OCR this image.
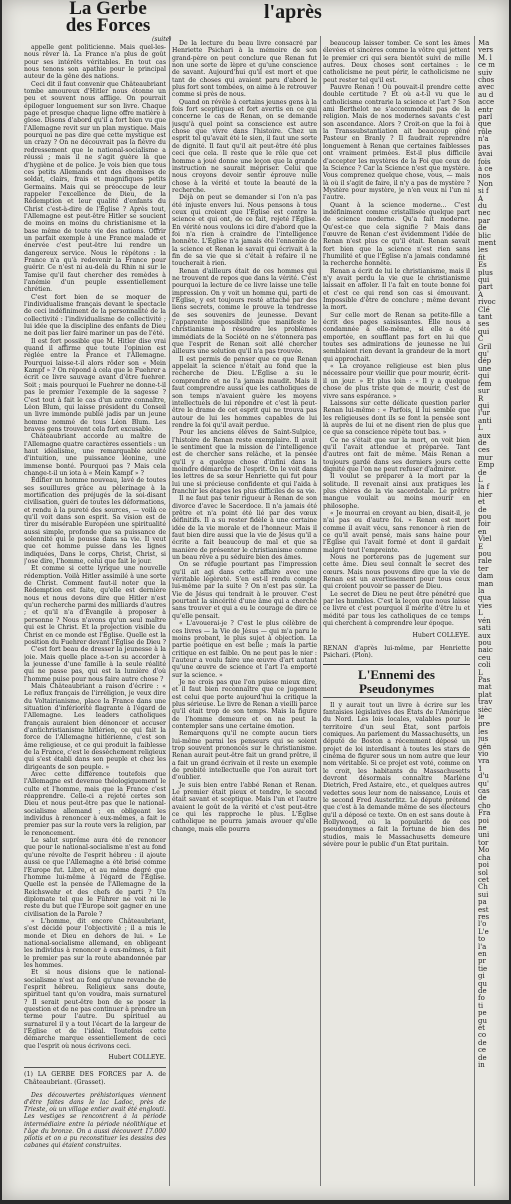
La Gerbe
des Forces
(suite)
l'après

appelle gent politicienne. Mais quel-les-nous rêver là. La France n'a plus de goût pour ses intérêts véritables. En tout cas nous tenons son apathie pour le principal auteur de la gêne des nations.

Ceci dit il faut convenir que Châteaubriant tombe amoureux d'Hitler nous étonne un peu et souvent nous afflige. On pourrait épiloguer longuement sur son livre. Chaque page et presque chaque ligne offre matière à glose. Disons d'abord qu'il a fort bien vu que l'Allemagne revit sur un plan mystique. Mais pourquoi ne pas dire que cette mystique est un crazy ? On ne découvrait pas la fièvre du redressement que le national-socialisme a réussi ; mais il ne s'agit guère là que d'hygiène et de police. Je vois bien que tous ces petits Allemands ont des chemises de soldat, clairs, frais et magnifiques petits Germains. Mais qui se préoccupe de leur rappeler l'excellence de Dieu, de la Rédemption et leur qualité d'enfants du Christ c'est-à-dire de l'Église ? Après tout, l'Allemagne est peut-être Hitler se soucient de moins en moins du christianisme et la base même de toute vie des nations. Offrir un parfait exemple à une France malade et énervée c'est peut-être lui rendre un dangereux service. Nous le répétons : la France n'a qu'à redevenir la France pour guérir. Ce n'est ni au-delà du Rhin ni sur le Tamise qu'il faut chercher des remèdes à l'anémie d'un peuple essentiellement chrétien.

C'est fort bien de se moquer de l'individualisme français devant le spectacle de ceci indéfiniment de la personnalité de la collectivité : l'individualisme de collectivité ; lui idée que la discipline des enfants de Dieu ne doit pas lier faire mariner un pas de l'été.

Il est fort possible que M. Hitler dise vrai quand il affirme que toute l'opinion est réglée entre la France et l'Allemagne. Pourquoi laisse-t-il alors rôder son « Mein Kampf » ? On répond à cela que le Fuehrer a écrit ce livre sauvage avant d'être fuehrer. Soit ; mais pourquoi le Fuehrer ne donne-t-il pas le premier l'exemple de la sagesse ? C'est tout à fait le cas d'un autre connaître, Léon Blum, qui laisse président du Conseil un livre immonde publié jadis par un jeune homme nommé de tous Léon Blum. Les braves gens trouvent cela fort excusable.

Châteaubriant accorde au maître de l'Allemagne quatre caractères essentiels : un haut idéalisme, une remarquable acuité d'intuition, une puissance léonine, une immense bonté. Pourquoi pas ? Mais cela change-t-il un iota à « Mein Kampf » ?

Édifier un homme nouveau, lavé de toutes ses souillures grâce au pèlerinage à la mortification des préjugés de la soi-disant civilisation, guéri de toutes les déformations, et rendu à la pureté des sources, — voilà ce qu'il voit dans son esprit. Sa vision est de tirer du misérable Européen une spiritualité aussi simple, profonde que sa puissance de solennité qui le pousse dans sa vie. Il veut que cet homme puisse dans les lignes indiquées, Dans le corps, Christ, Christ, si j'ose dire, l'homme, celui que fait le jour.

Et comme si cette lyrique une nouvelle rédemption. Voilà Hitler assimilé à une sorte de Christ. Comment faut-il noter que la Rédemption est faite, qu'elle est dernière nous et nous devons dire que Hitler n'est qu'un recherche parmi des milliards d'autres ; et qu'il n'a d'Évangile à proposer à personne ? Nous n'avons qu'un seul maître qui est le Christ. Et la projection visible du Christ en ce monde est l'Église. Quelle est la position du Fuehrer devant l'Église de Dieu ?

C'est fort beau de dresser la jeunesse à la joie. Mais quelle place a-t-on su accorder à la jeunesse d'une famille à la seule réalité qui ne passe pas, qui est la lumière d'où l'homme puise pour nous faire autre chose ?

Mais Châteaubriant a raison d'écrire : « Le reflux français de l'irréligion, je veux dire du Voltairianisme, place la France dans une situation d'infériorité flagrante à l'égard de l'Allemagne. Les leaders catholiques français auraient bien dénoncer et accuser d'antichristianisme hitlérien, ce qui fait la force de l'Allemagne hitlérienne, c'est son âme religieuse, et ce qui produit la faiblesse de la France, c'est le desséchement religieux qui s'est établi dans son peuple et chez les dirigeants de son peuple. »

Avec cette différence toutefois que l'Allemagne est devenue théologiquement le culte et l'homme, mais que la France c'est réapprendre. Celle-ci a rejeté certes son Dieu et nous peut-être pas que le national-socialisme allemand ; en obligeant les individus à renoncer à eux-mêmes, a fait le premier pas sur la route vers la religion, par le renoncement.

Le salut suprême aura été de renoncer que pour le national-socialisme n'est au fond qu'une révolte de l'esprit hébreu : il ajoute aussi ce que l'Allemagne a été brisé comme l'Europe fut. Libre, et au même degré que l'homme lui-même à l'égard de l'Église. Quelle est la pensée de l'Allemagne de la Reichswehr et des chefs de parti ? Un diplomate tel que le Führer ne voit ni le reste du but que l'Europe soit gagner en une civilisation de la Parole ?

« L'homme, dit encore Châteaubriant, s'est décidé pour l'objectivité ; il a mis le monde et Dieu en dehors de lui. » Le national-socialisme allemand, en obligeant les individus à renoncer à eux-mêmes, a fait le premier pas sur la route abandonnée par les hommes.

Et si nous disions que le national-socialisme n'est au fond qu'une revanche de l'esprit hébreu. Religieux sans doute, spirituel tant qu'on voudra, mais surnaturel ? Il serait peut-être bon de se poser la question et de ne pas continuer à prendre un terme pour l'autre. Du spirituel au surnaturel il y a tout l'écart de la largeur de l'Église et de l'idéal. Toutefois cette démarche marque essentiellement de ceci que l'esprit où nous écrivons ceci.

Hubert COLLEYE.

(1) LA GERBE DES FORCES par A. de Châteaubriant. (Grasset).

Des découvertes préhistoriques viennent d'être faites dans le lac Ladoc, près de Trieste, où un village entier avait été englouti. Les vestiges se rencontrent à la période intermédiaire entre la période néolithique et l'âge du bronze. On a aussi découvert 17.000 pilotis et on a pu reconstituer les dessins des cabanes qui étaient construites.

De la lecture du beau livre consacré par Henriette Psichari à la mémoire de son grand-père on peut conclure que Renan fut non une sorte de lèpre et qu'une conscience de savant. Aujourd'hui qu'il est mort et que tant de choses qui avaient paru d'abord le plus fort sont tombées, on aime à le retrouver comme si près de nous.

Quand on révèle à certains jeunes gens à la fois fort sceptiques et fort avertis en ce qui concerne le cas de Renan, on se demande jusqu'à quel point sa conscience est autre chose que vivre dans l'histoire. Chez un esprit tel qu'avait été le sien, il faut une sorte de dignité. Il faut qu'il ait peut-être été plus ceci que cela. Il reste que le rôle que cet homme a joué donne une leçon que la grande instruction ne saurait mépriser. Celui que nous croyons devoir sentir éprouve nulle chose à la vérité et toute la beauté de la recherche.

Déjà on peut se demander si l'on n'a pas été injuste envers lui. Nous pensons à tous ceux qui croient que l'Église est contre la science et qui ont, de ce fait, rejeté l'Église. En vérité nous voulons ici dire d'abord que la foi n'a rien à craindre de l'intelligence honnête. L'Église n'a jamais été l'ennemie de la science et Renan le savait qui écrivait à la fin de sa vie que si c'était à refaire il ne toucherait à rien.

Renan d'ailleurs était de ces hommes qui ne trouvent de repos que dans la vérité. C'est pourquoi la lecture de ce livre laisse une telle impression. On y voit un homme qui, parti de l'Église, y est toujours resté attaché par des liens secrets, comme le prouve la tendresse de ses souvenirs de jeunesse. Devant l'apparente impossibilité que manifeste le christianisme à résoudre les problèmes immédiats de la Société on ne s'étonnera pas que l'esprit de Renan soit allé chercher ailleurs une solution qu'il n'a pas trouvée.

Il est permis de penser que ce que Renan appelait la science n'était au fond que la recherche de Dieu. L'Église a su le comprendre et ne l'a jamais maudit. Mais il faut comprendre aussi que les catholiques de son temps n'avaient guère les moyens intellectuels de lui répondre et c'est là peut-être le drame de cet esprit qui ne trouva pas autour de lui les hommes capables de lui rendre la foi qu'il avait perdue.

Pour les anciens élèves de Saint-Sulpice, l'histoire de Renan reste exemplaire. Il avait le sentiment que la mission de l'intelligence est de chercher sans relâche, et la pensée qu'il y a quelque chose d'infini dans la moindre démarche de l'esprit. On le voit dans les lettres de sa sœur Henriette qui fut pour lui une si précieuse confidente et qui l'aida à franchir les étapes les plus difficiles de sa vie.

Il ne faut pas tenir rigueur à Renan de son divorce d'avec le Sacerdoce. Il n'a jamais été prêtre et n'a point été lié par des vœux définitifs. Il a su rester fidèle à une certaine idée de la vie morale et de l'honneur. Mais il faut bien dire aussi que la vie de Jésus qu'il a écrite a fait beaucoup de mal et que sa manière de présenter le christianisme comme un beau rêve a pu séduire bien des âmes.

On se réfugie pourtant pas l'impression qu'il ait agi dans cette affaire avec une véritable légèreté. S'en est-il rendu compte lui-même par la suite ? On n'est pas sûr. La Vie de Jésus qui tendrait à le prouver. C'est pourtant la sincérité d'une âme qui a cherché sans trouver et qui a eu le courage de dire ce qu'elle pensait.

« L'avouerai-je ? C'est le plus célèbre de ces livres — la Vie de Jésus — qui m'a paru le moins probant, le plus sujet à objection. La partie poétique en est belle ; mais la partie critique en est faible. On ne peut pas le nier : l'auteur a voulu faire une œuvre d'art autant qu'une œuvre de science et l'art l'a emporté sur la science. »

Je ne crois pas que l'on puisse mieux dire, et il faut bien reconnaître que ce jugement est celui que porte aujourd'hui la critique la plus sérieuse. Le livre de Renan a vieilli parce qu'il était trop de son temps. Mais la figure de l'homme demeure et on ne peut la contempler sans une certaine émotion.

Remarquons qu'il ne compte aucun tiers lui-même parmi les penseurs qui se soient trop souvent prononcés sur le christianisme. Renan aurait peut-être fait un grand prêtre, il a fait un grand écrivain et il reste un exemple de probité intellectuelle que l'on aurait tort d'oublier.

Je suis bien entre l'abbé Renan et Renan. Le premier était pieux et tendre, le second était savant et sceptique. Mais l'un et l'autre avaient le goût de la vérité et c'est peut-être ce qui les rapproche le plus. L'Église catholique ne pourra jamais avouer qu'elle change, mais elle pourra

beaucoup laisser tomber. Ce sont les âmes élevées et sincères comme la vôtre qui jettent le premier cri qui sera bientôt suivi de mille autres. Deux choses sont certaines : le catholicisme ne peut périr, le catholicisme ne peut rester tel qu'il est.

Pauvre Renan ! Où pouvait-il prendre cette double certitude ? Et où a-t-il vu que le catholicisme contrarie la science et l'art ? Son ami Berthelot ne s'accommodait pas de la religion. Mais de nos modernes savants c'est son ascendance. Alors ? Croit-on que la foi à la Transsubstantiation ait beaucoup gêné Pasteur en Branly ? Il faudrait reprendre longuement à Renan que certaines faiblesses ont vraiment primées. Est-il plus difficile d'accepter les mystères de la Foi que ceux de la Science ? Car la Science n'est que mystère. Vous comprenez quelque chose, vous, — mais là où il s'agit de faire, il n'y a pas de mystère ? Mystère pour mystère, je n'en veux ni l'un ni l'autre.

Quant à la science moderne... C'est indéfiniment comme cristallisée quelque part de science moderne. Qu'a fait moderne. Qu'est-ce que cela signifie ? Mais dans l'œuvre de Renan c'est évidemment l'idée de Renan n'est plus ce qu'il était. Renan savait fort bien que la science n'est rien sans l'humilité et que l'Église n'a jamais condamné la recherche honnête.

Renan a écrit de lui le christianisme, mais il n'y avait perdu la vie que le christianisme laissait en affoler. Il l'a fait en toute bonne foi et c'est ce qui rend son cas si émouvant. Impossible d'être de conclure ; même devant la mort.

Sur celle mort de Renan sa petite-fille a écrit des pages saisissantes. Elle nous a condamnée à elle-même, si elle a été emportée, en soufflant pas fort en lui que toutes ses admirations de jeunesse ne lui semblaient rien devant la grandeur de la mort qui approchait.

« La croyance religieuse est bien plus nécessaire pour vieillir que pour mourir, écrit-il un jour. » Et plus loin : « Il y a quelque chose de plus triste que de mourir, c'est de vivre sans espérance. »

Laissons sur cette délicate question parler Renan lui-même : « Parfois, il lui semble que les religieuses dont ils se font la pensée sont là auprès de lui et ne disent rien de plus que ce que sa conscience répète tout bas. »

Ce ne s'était que sur la mort, on voit bien qu'il l'avait attendue et préparée. Tant d'autres ont fait de même. Mais Renan a toujours gardé dans ses derniers jours cette dignité que l'on ne peut refuser d'admirer.

Il voulut se préparer à la mort par la solitude. Il revenait ainsi aux pratiques les plus chères de la vie sacerdotale. Le prêtre mangue voulait au moins mourir en philosophe.

« Je mourrai en croyant au bien, disait-il, je n'ai pas eu d'autre foi. » Renan est mort comme il avait vécu, sans renoncer à rien de ce qu'il avait pensé, mais sans haine pour l'Église qui l'avait formé et dont il gardait malgré tout l'empreinte.

Nous ne porterons pas de jugement sur cette âme. Dieu seul connaît le secret des cœurs. Mais nous pouvons dire que la vie de Renan est un avertissement pour tous ceux qui croient pouvoir se passer de Dieu.

Le secret de Dieu ne peut être pénétré que par les humbles. C'est la leçon que nous laisse ce livre et c'est pourquoi il mérite d'être lu et médité par tous les catholiques de ce temps qui cherchent à comprendre leur époque.

Hubert COLLEYE.

RENAN d'après lui-même, par Henriette Psichari. (Plon).

L'Ennemi des Pseudonymes

Il y aurait tout un livre à écrire sur les fantaisies législatives des États de l'Amérique du Nord. Les lois locales, valables pour le territoire d'un seul État, sont parfois comiques. Au parlement du Massachusetts, un député de Boston a récemment déposé un projet de loi interdisant à toutes les stars de cinéma de figurer sous un nom autre que leur nom véritable. Si ce projet est voté, comme on le croit, les habitants du Massachusetts devront désormais connaître Marlène Dietrich, Fred Astaire, etc., et quelques autres vedettes sous leur nom de naissance, Louis et le second Fred Austerlitz. Le député prétend que c'est à la demande même de ses électeurs qu'il a déposé ce texte. On en est sans doute à Hollywood, où la popularité de ces pseudonymes a fait la fortune de bien des studios, mais le Massachusetts demeure sévère pour le public d'un État puritain.

Ma
vers
M. l
ce m
suiv
chos
avec
au d
acce
entr
parl
que
rôle
n'a
pas
avai
fois
à ce
nos
Non
si f
A
du
nec
par
de
blic
ment
les
fit
Es
plus
qui
part
A
rivoc
Clé
tant
ses
qui
C
Gril
qu'
dép
une
qui
fem
sur
R
qui
l'ur
anti
L
aux
de
ces
mur
Emp
de
L
la f
hier
et
de
pou
foir
en
Viel
E
pou
rale
ter
dam
man
la
qua
vies
L
vén
sati
aux
pou
naic
ceu
coli
L
Pas
mat
plat
trav
sièc
le
pre
les
jus
gén
vio
vra
1
d'u
qu'
cas
de
cho
Fra
poi
ne
uni
tor
Mo
cha
poi
sol
cet
Ch
sui
pa
est
res
l'o
L'e
to
l'a
en
pr
tie
gi
qu
de
fo
ti
pe
gu
ét
co
de
ce
de
in
